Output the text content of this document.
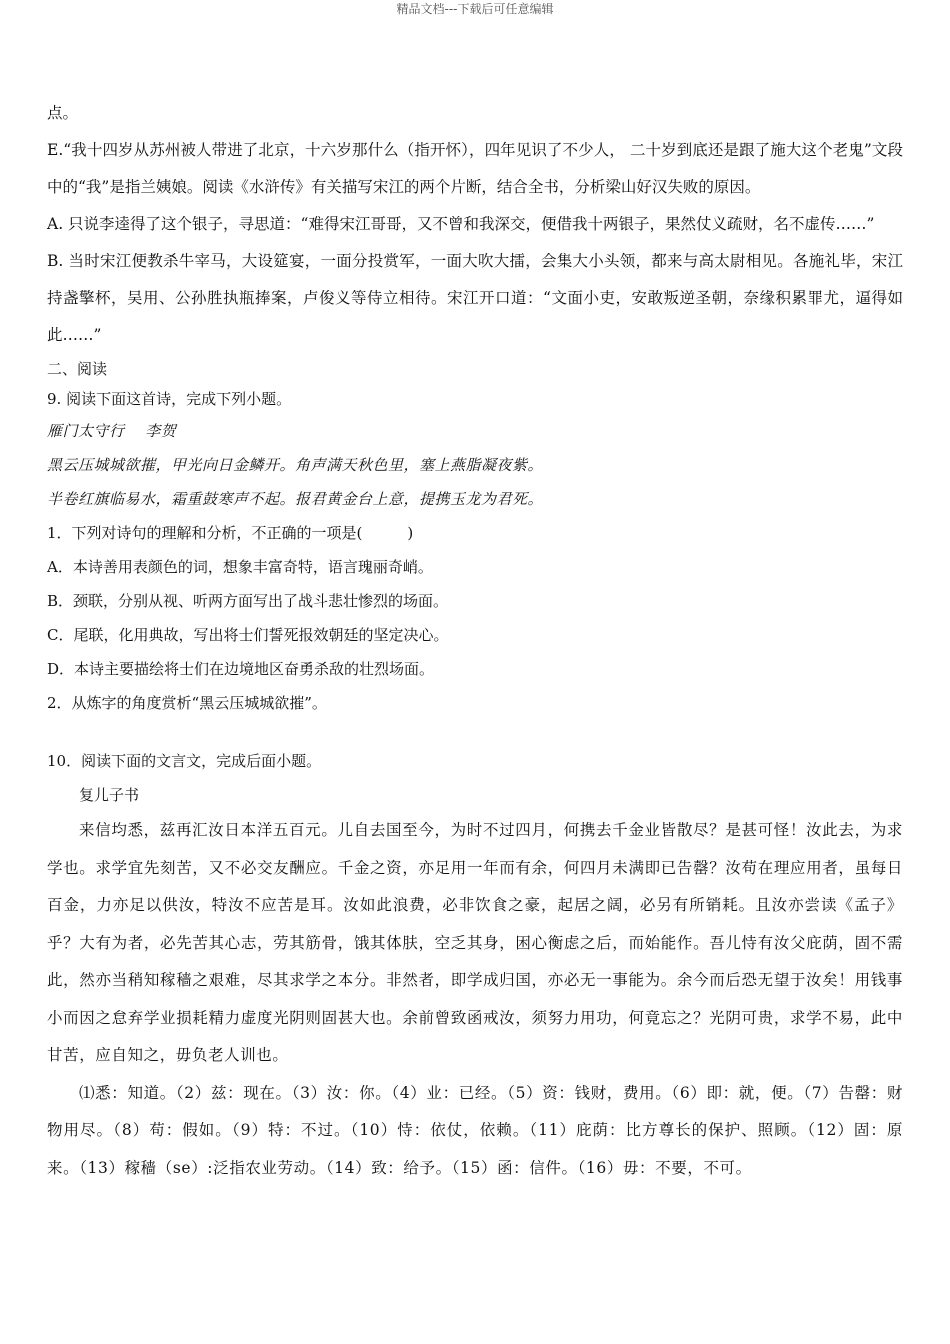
精品文档---下载后可任意编辑

点。

E.“我十四岁从苏州被人带进了北京，十六岁那什么（指开怀），四年见识了不少人， 二十岁到底还是跟了施大这个老鬼”文段中的“我”是指兰姨娘。阅读《水浒传》有关描写宋江的两个片断，结合全书，分析梁山好汉失败的原因。

A. 只说李逵得了这个银子，寻思道：“难得宋江哥哥，又不曾和我深交，便借我十两银子，果然仗义疏财，名不虚传……”

B. 当时宋江便教杀牛宰马，大设筵宴，一面分投赏军，一面大吹大擂，会集大小头领，都来与高太尉相见。各施礼毕，宋江持盏擎杯，吴用、公孙胜执瓶捧案，卢俊义等侍立相待。宋江开口道：“文面小吏，安敢叛逆圣朝，奈缘积累罪尤，逼得如此……”

二、阅读

9. 阅读下面这首诗，完成下列小题。

雁门太守行　 李贺

黑云压城城欲摧，甲光向日金鳞开。角声满天秋色里，塞上燕脂凝夜紫。

半卷红旗临易水，霜重鼓寒声不起。报君黄金台上意，提携玉龙为君死。

1．下列对诗句的理解和分析，不正确的一项是(　　　)

A．本诗善用表颜色的词，想象丰富奇特，语言瑰丽奇峭。

B．颈联，分别从视、听两方面写出了战斗悲壮惨烈的场面。

C．尾联，化用典故，写出将士们誓死报效朝廷的坚定决心。

D．本诗主要描绘将士们在边境地区奋勇杀敌的壮烈场面。

2．从炼字的角度赏析“黑云压城城欲摧”。

10．阅读下面的文言文，完成后面小题。

复儿子书

来信均悉，兹再汇汝日本洋五百元。儿自去国至今，为时不过四月，何携去千金业皆散尽？是甚可怪！汝此去，为求学也。求学宜先刻苦，又不必交友酬应。千金之资，亦足用一年而有余，何四月未满即已告罄？汝苟在理应用者，虽每日百金，力亦足以供汝，特汝不应苦是耳。汝如此浪费，必非饮食之豪，起居之阔，必另有所销耗。且汝亦尝读《孟子》乎？大有为者，必先苦其心志，劳其筋骨，饿其体肤，空乏其身，困心衡虑之后，而始能作。吾儿恃有汝父庇荫，固不需此，然亦当稍知稼穑之艰难，尽其求学之本分。非然者，即学成归国，亦必无一事能为。余今而后恐无望于汝矣！用钱事小而因之怠弃学业损耗精力虚度光阴则固甚大也。余前曾致函戒汝，须努力用功，何竟忘之？光阴可贵，求学不易，此中甘苦，应自知之，毋负老人训也。

⑴悉：知道。（2）兹：现在。（3）汝：你。（4）业：已经。（5）资：钱财，费用。（6）即：就，便。（7）告罄：财物用尽。（8）苟：假如。（9）特：不过。（10）恃：依仗，依赖。（11）庇荫：比方尊长的保护、照顾。（12）固：原来。（13）稼穑（se）:泛指农业劳动。（14）致：给予。（15）函：信件。（16）毋：不要，不可。
